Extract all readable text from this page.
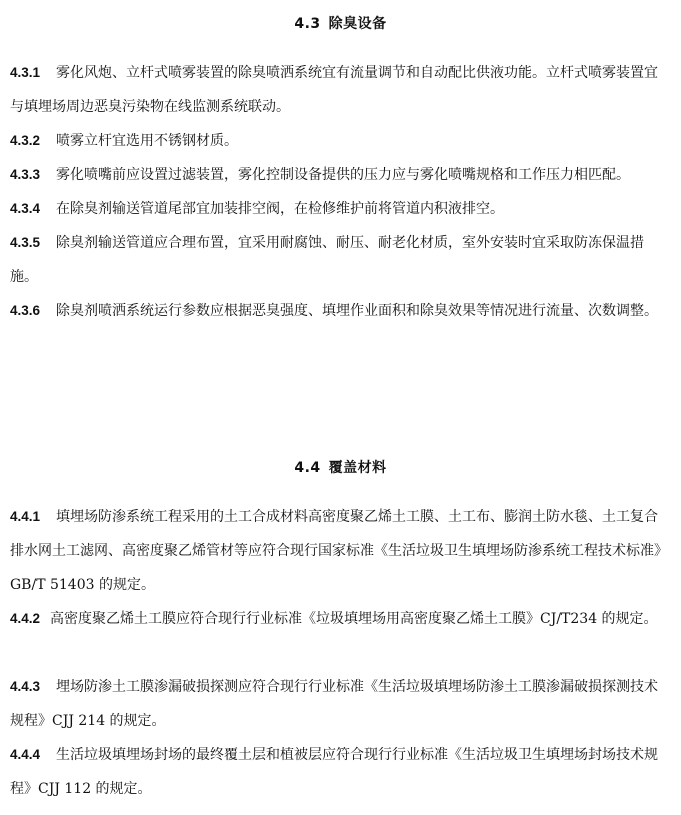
4.3 除臭设备
4.3.1 雾化风炮、立杆式喷雾装置的除臭喷洒系统宜有流量调节和自动配比供液功能。立杆式喷雾装置宜与填埋场周边恶臭污染物在线监测系统联动。
4.3.2 喷雾立杆宜选用不锈钢材质。
4.3.3 雾化喷嘴前应设置过滤装置，雾化控制设备提供的压力应与雾化喷嘴规格和工作压力相匹配。
4.3.4 在除臭剂输送管道尾部宜加装排空阀，在检修维护前将管道内积液排空。
4.3.5 除臭剂输送管道应合理布置，宜采用耐腐蚀、耐压、耐老化材质，室外安装时宜采取防冻保温措施。
4.3.6 除臭剂喷洒系统运行参数应根据恶臭强度、填埋作业面积和除臭效果等情况进行流量、次数调整。
4.4 覆盖材料
4.4.1 填埋场防渗系统工程采用的土工合成材料高密度聚乙烯土工膜、土工布、膨润土防水毯、土工复合排水网土工滤网、高密度聚乙烯管材等应符合现行国家标准《生活垃圾卫生填埋场防渗系统工程技术标准》GB/T 51403 的规定。
4.4.2 高密度聚乙烯土工膜应符合现行行业标准《垃圾填埋场用高密度聚乙烯土工膜》CJ/T234 的规定。
4.4.3 埋场防渗土工膜渗漏破损探测应符合现行行业标准《生活垃圾填埋场防渗土工膜渗漏破损探测技术规程》CJJ 214 的规定。
4.4.4 生活垃圾填埋场封场的最终覆土层和植被层应符合现行行业标准《生活垃圾卫生填埋场封场技术规程》CJJ 112 的规定。
